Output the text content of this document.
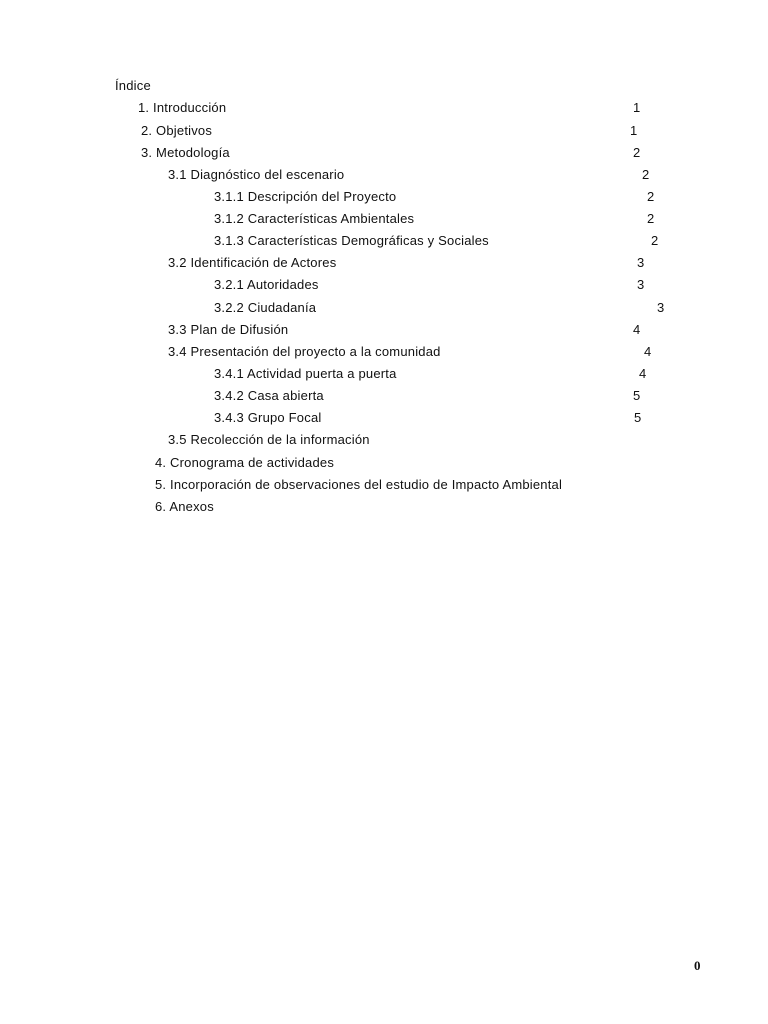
Índice
1. Introducción	1
2. Objetivos	1
3. Metodología	2
3.1 Diagnóstico del escenario	2
3.1.1 Descripción del Proyecto	2
3.1.2 Características Ambientales	2
3.1.3 Características Demográficas y Sociales	2
3.2 Identificación de Actores	3
3.2.1 Autoridades	3
3.2.2 Ciudadanía	3
3.3 Plan de Difusión	4
3.4 Presentación del proyecto a la comunidad	4
3.4.1 Actividad puerta a puerta	4
3.4.2 Casa abierta	5
3.4.3 Grupo Focal	5
3.5 Recolección de la información
4. Cronograma de actividades
5. Incorporación de observaciones del estudio de Impacto Ambiental
6. Anexos
0
